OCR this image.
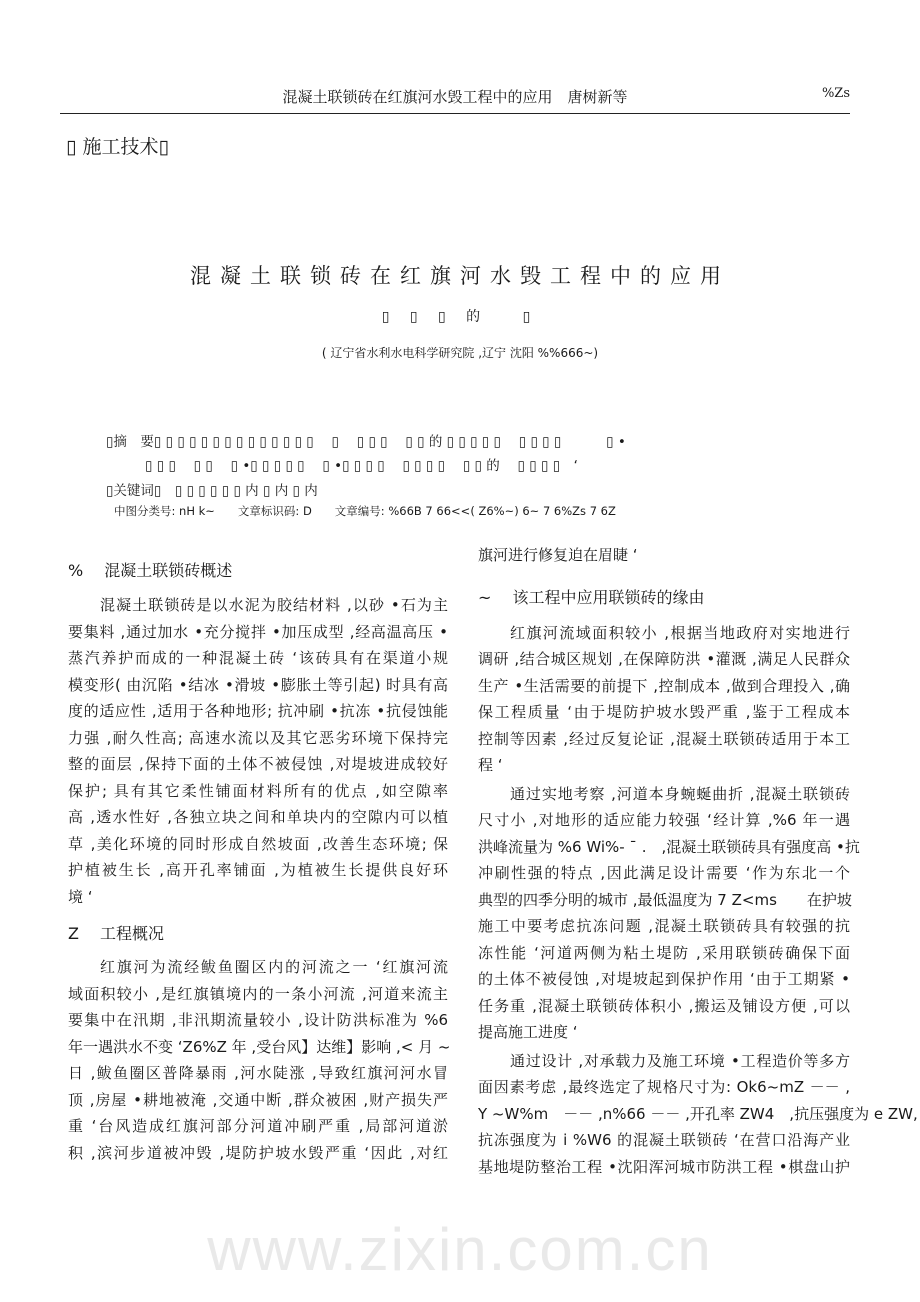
混凝土联锁砖在红旗河水毁工程中的应用　唐树新等	%Zs
▯ 施工技术▯
混凝土联锁砖在红旗河水毁工程中的应用
▯ ▯ ▯ 的　 ▯
( 辽宁省水利水电科学研究院 ,辽宁 沈阳 %%666~)
▯摘　要▯ ▯ ▯ ▯ ▯ ▯ ▯ ▯ ▯ ▯ ▯ ▯ ▯ ▯　 ▯　 ▯ ▯ ▯　 ▯ ▯ 的 ▯ ▯ ▯ ▯ ▯　 ▯ ▯ ▯ ▯　　　 ▯ •
▯ ▯ ▯　 ▯ ▯　 ▯ •▯ ▯ ▯ ▯ ▯　 ▯ •▯ ▯ ▯ ▯　 ▯ ▯ ▯ ▯　 ▯ ▯ 的　 ▯ ▯ ▯ ▯　‘
▯关键词▯　▯ ▯ ▯ ▯ ▯ ▯ 内 ▯ 内 ▯ 内
中图分类号: nH k~　　文章标识码: D　　文章编号: %66B 7 66<<( Z6%~) 6~ 7 6%Zs 7 6Z
%　 混凝土联锁砖概述
混凝土联锁砖是以水泥为胶结材料 ,以砂 •石为主
要集料 ,通过加水 •充分搅拌 •加压成型 ,经高温高压 •
蒸汽养护而成的一种混凝土砖 ‘该砖具有在渠道小规
模变形( 由沉陷 •结冰 •滑坡 •膨胀土等引起) 时具有高
度的适应性 ,适用于各种地形; 抗冲刷 •抗冻 •抗侵蚀能
力强 ,耐久性高; 高速水流以及其它恶劣环境下保持完
整的面层 ,保持下面的土体不被侵蚀 ,对堤坡进成较好
保护; 具有其它柔性铺面材料所有的优点 ,如空隙率
高 ,透水性好 ,各独立块之间和单块内的空隙内可以植
草 ,美化环境的同时形成自然坡面 ,改善生态环境; 保
护植被生长 ,高开孔率铺面 ,为植被生长提供良好环
境 ‘
Z　 工程概况
红旗河为流经鲅鱼圈区内的河流之一 ‘红旗河流
域面积较小 ,是红旗镇境内的一条小河流 ,河道来流主
要集中在汛期 ,非汛期流量较小 ,设计防洪标准为 %6
年一遇洪水不变 ‘Z6%Z 年 ,受台风】达维】影响 ,< 月 ~
日 ,鲅鱼圈区普降暴雨 ,河水陡涨 ,导致红旗河河水冒
顶 ,房屋 •耕地被淹 ,交通中断 ,群众被困 ,财产损失严
重 ‘台风造成红旗河部分河道冲刷严重 ,局部河道淤
积 ,滨河步道被冲毁 ,堤防护坡水毁严重 ‘因此 ,对红
旗河进行修复迫在眉睫 ‘
~　 该工程中应用联锁砖的缘由
红旗河流域面积较小 ,根据当地政府对实地进行
调研 ,结合城区规划 ,在保障防洪 •灌溉 ,满足人民群众
生产 •生活需要的前提下 ,控制成本 ,做到合理投入 ,确
保工程质量 ‘由于堤防护坡水毁严重 ,鉴于工程成本
控制等因素 ,经过反复论证 ,混凝土联锁砖适用于本工
程 ‘
通过实地考察 ,河道本身蜿蜒曲折 ,混凝土联锁砖
尺寸小 ,对地形的适应能力较强 ‘经计算 ,%6 年一遇
洪峰流量为 %6 Wi%- ˉ .　,混凝土联锁砖具有强度高 •抗
冲刷性强的特点 ,因此满足设计需要 ‘作为东北一个
典型的四季分明的城市 ,最低温度为 7 Z<ms　　在护坡
施工中要考虑抗冻问题 ,混凝土联锁砖具有较强的抗
冻性能 ‘河道两侧为粘土堤防 ,采用联锁砖确保下面
的土体不被侵蚀 ,对堤坡起到保护作用 ‘由于工期紧 •
任务重 ,混凝土联锁砖体积小 ,搬运及铺设方便 ,可以
提高施工进度 ‘
通过设计 ,对承载力及施工环境 •工程造价等多方
面因素考虑 ,最终选定了规格尺寸为: Ok6~mZ －－ ,
Y ~W%m　－－ ,n%66 －－ ,开孔率 ZW4　,抗压强度为 e ZW,
抗冻强度为 i %W6 的混凝土联锁砖 ‘在营口沿海产业
基地堤防整治工程 •沈阳浑河城市防洪工程 •棋盘山护
www.zixin.com.cn
